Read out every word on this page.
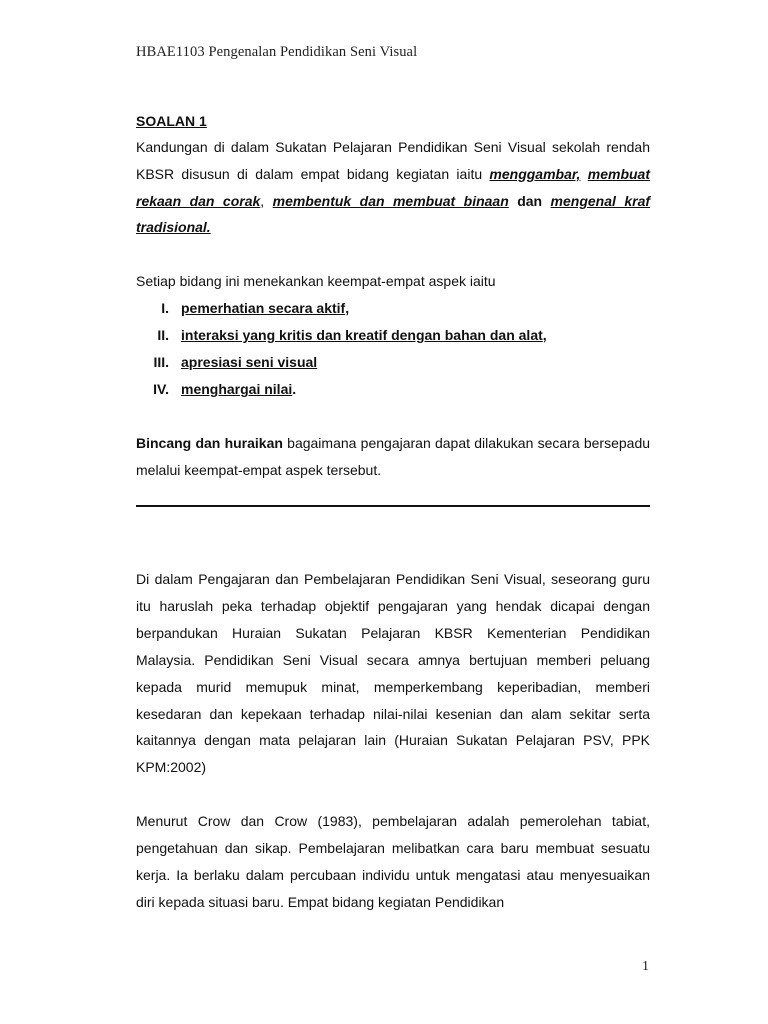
HBAE1103 Pengenalan Pendidikan Seni Visual
SOALAN 1

Kandungan di dalam Sukatan Pelajaran Pendidikan Seni Visual sekolah rendah KBSR disusun di dalam empat bidang kegiatan iaitu menggambar, membuat rekaan dan corak, membentuk dan membuat binaan dan mengenal kraf tradisional.

Setiap bidang ini menekankan keempat-empat aspek iaitu

I. pemerhatian secara aktif,
II. interaksi yang kritis dan kreatif dengan bahan dan alat,
III. apresiasi seni visual
IV. menghargai nilai.

Bincang dan huraikan bagaimana pengajaran dapat dilakukan secara bersepadu melalui keempat-empat aspek tersebut.

Di dalam Pengajaran dan Pembelajaran Pendidikan Seni Visual, seseorang guru itu haruslah peka terhadap objektif pengajaran yang hendak dicapai dengan berpandukan Huraian Sukatan Pelajaran KBSR Kementerian Pendidikan Malaysia. Pendidikan Seni Visual secara amnya bertujuan memberi peluang kepada murid memupuk minat, memperkembang keperibadian, memberi kesedaran dan kepekaan terhadap nilai-nilai kesenian dan alam sekitar serta kaitannya dengan mata pelajaran lain (Huraian Sukatan Pelajaran PSV, PPK KPM:2002)

Menurut Crow dan Crow (1983), pembelajaran adalah pemerolehan tabiat, pengetahuan dan sikap. Pembelajaran melibatkan cara baru membuat sesuatu kerja. Ia berlaku dalam percubaan individu untuk mengatasi atau menyesuaikan diri kepada situasi baru. Empat bidang kegiatan Pendidikan

1
